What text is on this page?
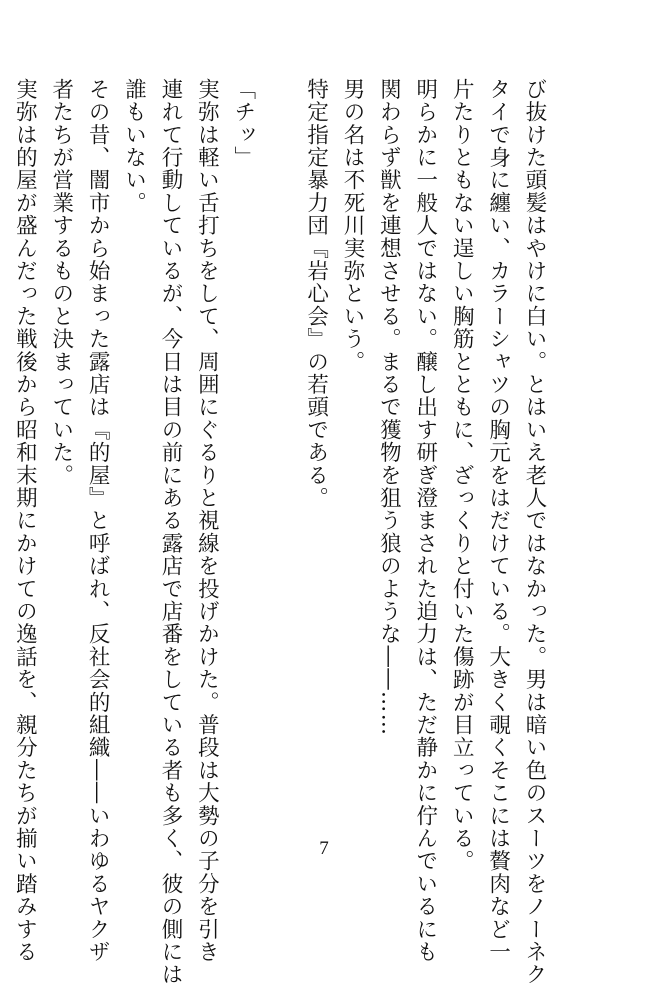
び抜けた頭髪はやけに白い。とはいえ老人ではなかった。男は暗い色のスーツをノーネク
タイで身に纏い、カラーシャツの胸元をはだけている。大きく覗くそこには贅肉など一
片たりともない逞しい胸筋とともに、ざっくりと付いた傷跡が目立っている。
明らかに一般人ではない。醸し出す研ぎ澄まされた迫力は、ただ静かに佇んでいるにも
関わらず獣を連想させる。まるで獲物を狙う狼のような――……
男の名は不死川実弥という。
特定指定暴力団『岩心会』の若頭である。
「チッ」
実弥は軽い舌打ちをして、周囲にぐるりと視線を投げかけた。普段は大勢の子分を引き
連れて行動しているが、今日は目の前にある露店で店番をしている者も多く、彼の側には
誰もいない。
その昔、闇市から始まった露店は『的屋』と呼ばれ、反社会的組織――いわゆるヤクザ
者たちが営業するものと決まっていた。
実弥は的屋が盛んだった戦後から昭和末期にかけての逸話を、親分たちが揃い踏みする	7
